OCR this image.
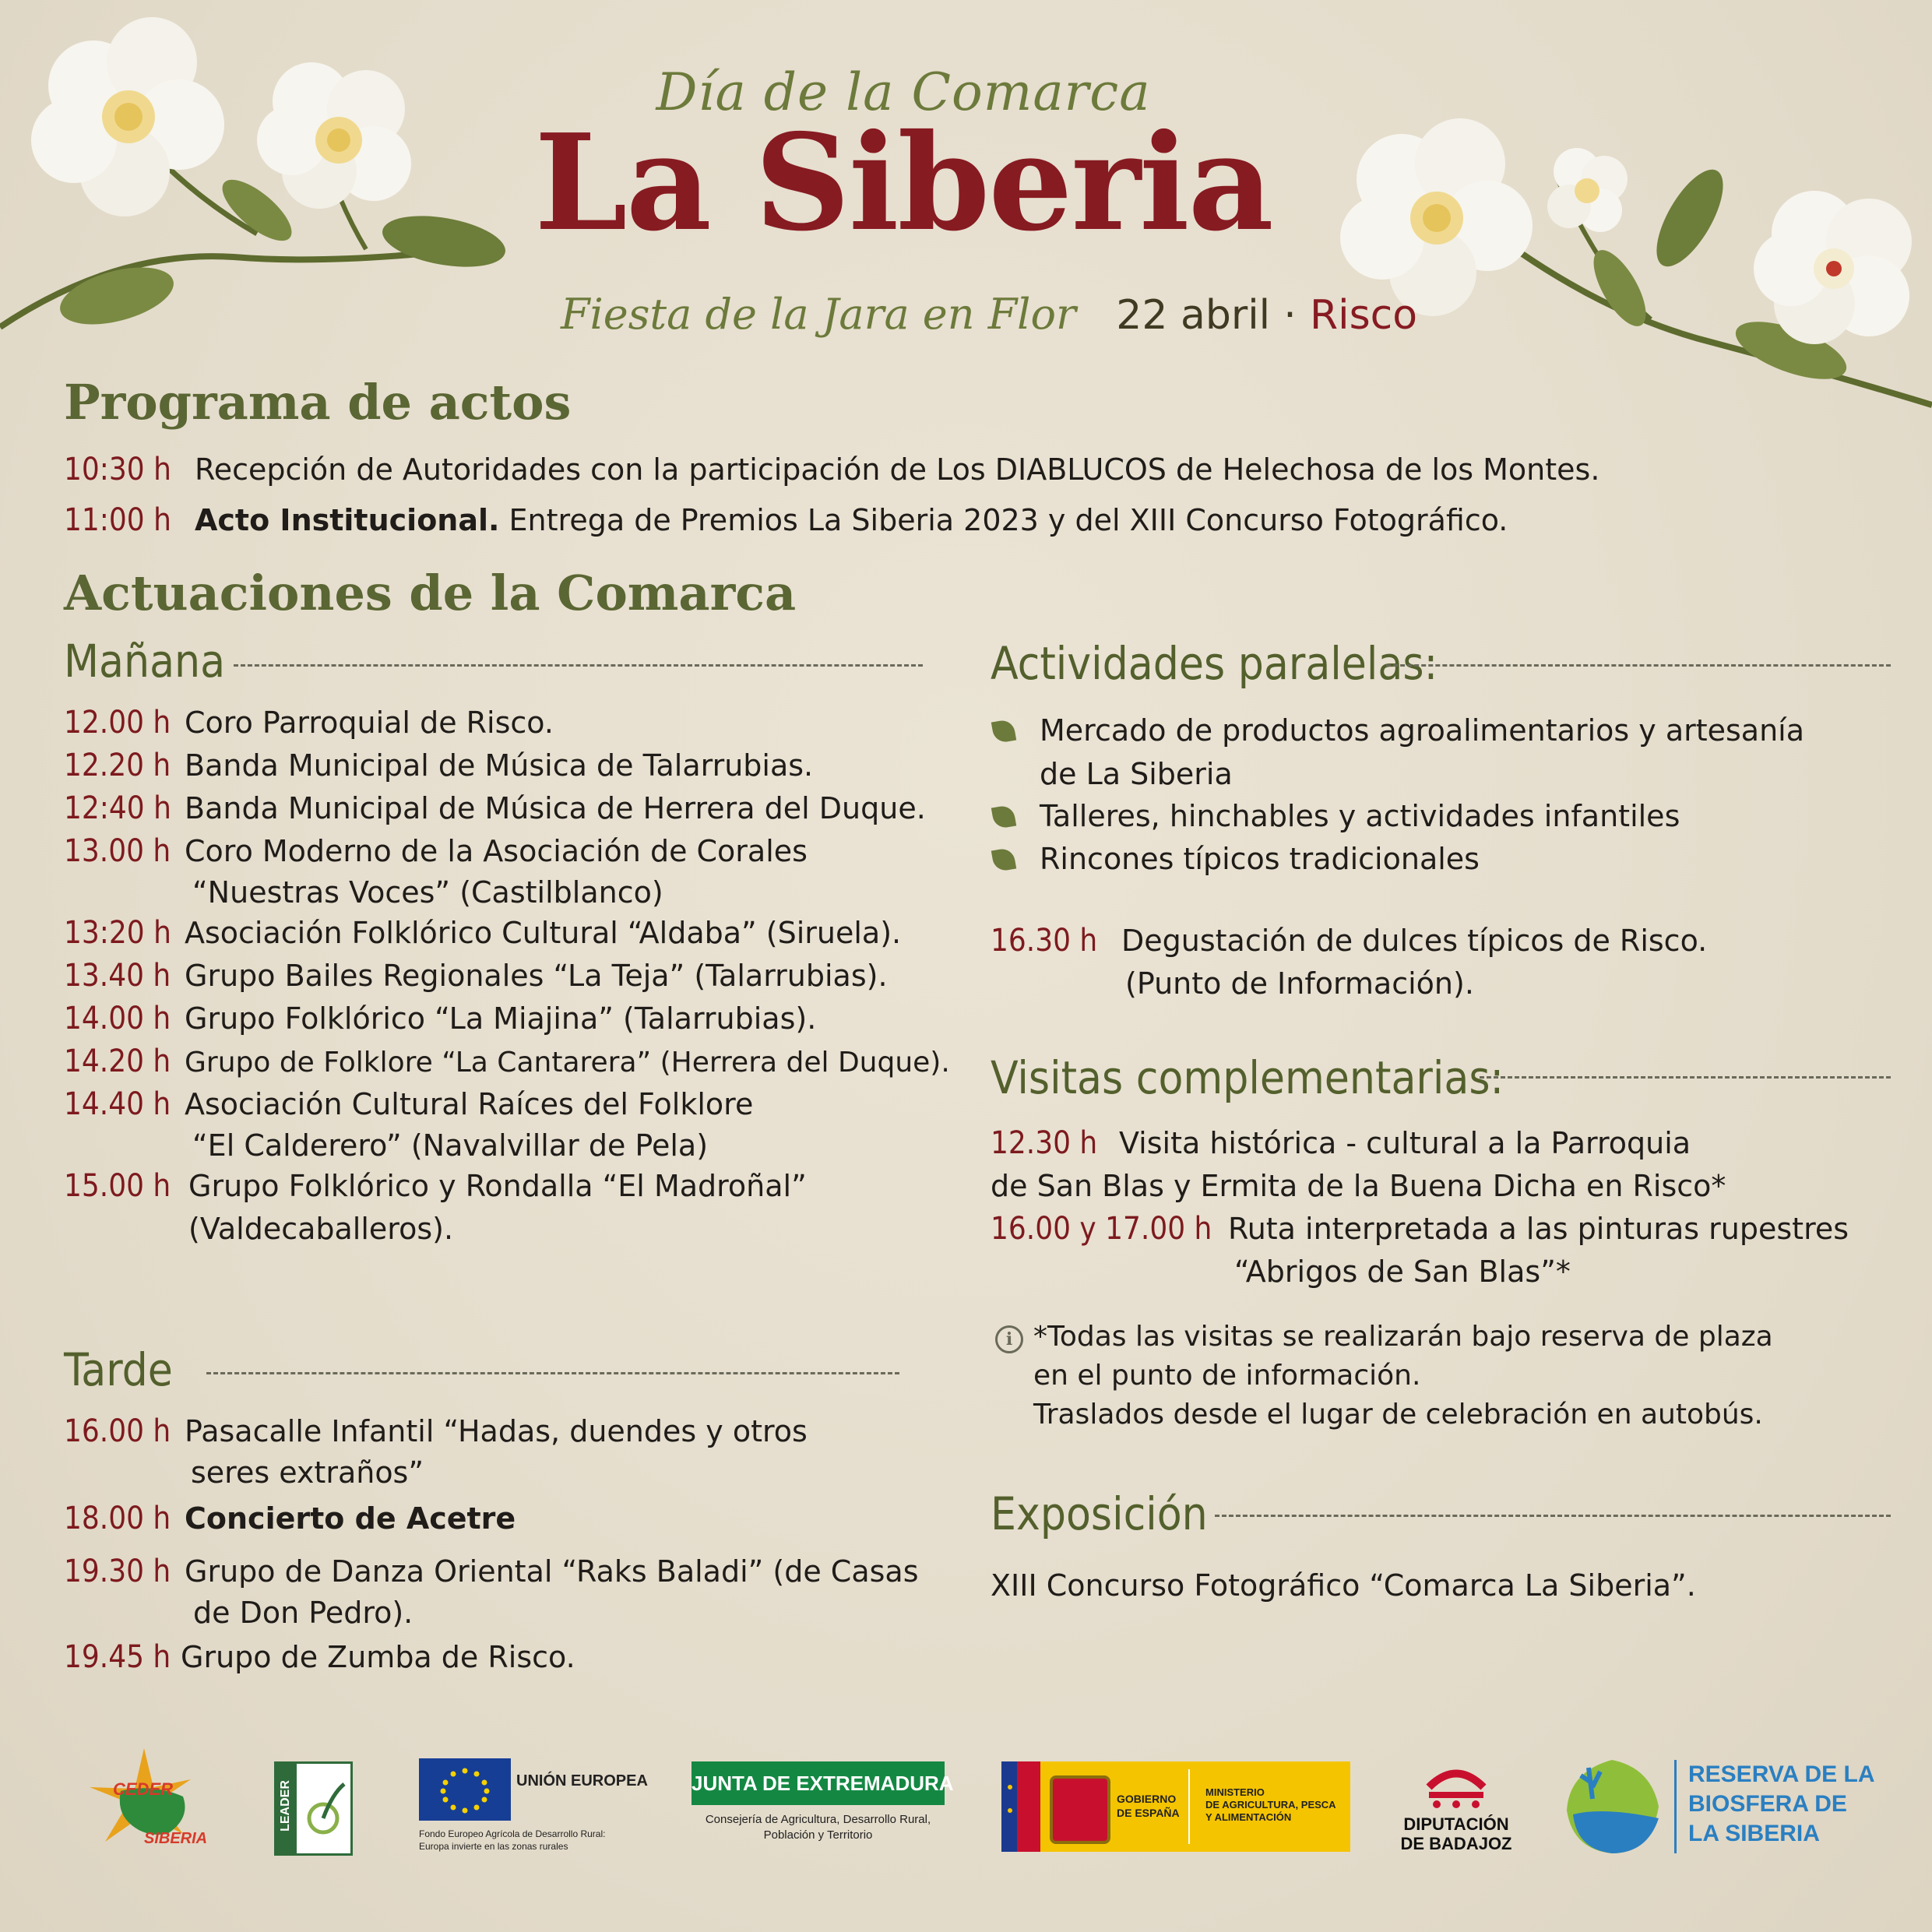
Día de la Comarca
La Siberia
Fiesta de la Jara en Flor 22 abril · Risco
Programa de actos
10:30 h Recepción de Autoridades con la participación de Los DIABLUCOS de Helechosa de los Montes.
11:00 h Acto Institucional. Entrega de Premios La Siberia 2023 y del XIII Concurso Fotográfico.
Actuaciones de la Comarca
Mañana
12.00 h Coro Parroquial de Risco.
12.20 h Banda Municipal de Música de Talarrubias.
12:40 h Banda Municipal de Música de Herrera del Duque.
13.00 h Coro Moderno de la Asociación de Corales
“Nuestras Voces” (Castilblanco)
13:20 h Asociación Folklórico Cultural “Aldaba” (Siruela).
13.40 h Grupo Bailes Regionales “La Teja” (Talarrubias).
14.00 h Grupo Folklórico “La Miajina” (Talarrubias).
14.20 h Grupo de Folklore “La Cantarera” (Herrera del Duque).
14.40 h Asociación Cultural Raíces del Folklore
“El Calderero” (Navalvillar de Pela)
15.00 h Grupo Folklórico y Rondalla “El Madroñal”
(Valdecaballeros).
Tarde
16.00 h Pasacalle Infantil “Hadas, duendes y otros
seres extraños”
18.00 h Concierto de Acetre
19.30 h Grupo de Danza Oriental “Raks Baladi” (de Casas
de Don Pedro).
19.45 h Grupo de Zumba de Risco.
Actividades paralelas:
Mercado de productos agroalimentarios y artesanía
de La Siberia
Talleres, hinchables y actividades infantiles
Rincones típicos tradicionales
16.30 h Degustación de dulces típicos de Risco.
(Punto de Información).
Visitas complementarias:
12.30 h Visita histórica - cultural a la Parroquia
de San Blas y Ermita de la Buena Dicha en Risco*
16.00 y 17.00 h Ruta interpretada a las pinturas rupestres
“Abrigos de San Blas”*
i *Todas las visitas se realizarán bajo reserva de plaza
en el punto de información.
Traslados desde el lugar de celebración en autobús.
Exposición
XIII Concurso Fotográfico “Comarca La Siberia”.
CEDER
SIBERIA
LEADER	UNIÓN EUROPEA
Fondo Europeo Agrícola de Desarrollo Rural:
Europa invierte en las zonas rurales
JUNTA DE EXTREMADURA
Consejería de Agricultura, Desarrollo Rural,
Población y Territorio
GOBIERNO
DE ESPAÑA
MINISTERIO
DE AGRICULTURA, PESCA
Y ALIMENTACIÓN	DIPUTACIÓN
DE BADAJOZ
RESERVA DE LA
BIOSFERA DE
LA SIBERIA
